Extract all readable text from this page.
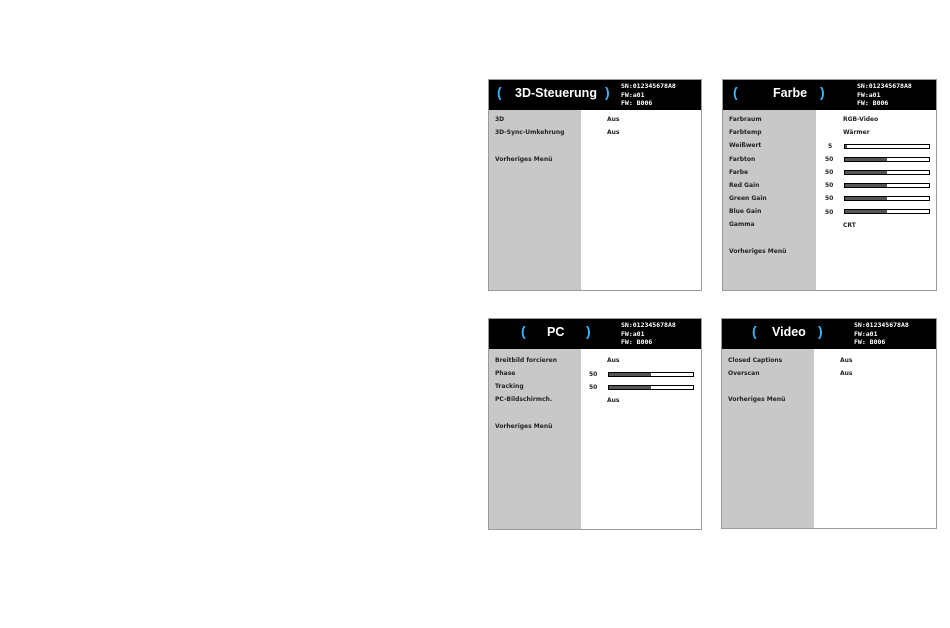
( 3D-Steuerung ) SN:012345678A8
FW:a01
FW: B006
3D	Aus
3D-Sync-Umkehrung	Aus
Vorheriges Menü
(	Farbe )	SN:012345678A8
FW:a01
FW: B006
Farbraum	RGB-Video
Farbtemp	Wärmer
Weißwert	5
Farbton	50
Farbe	50
Red Gain	50
Green Gain	50
Blue Gain	50
Gamma	CRT
Vorheriges Menü
( PC )	SN:012345678A8
FW:a01
FW: B006
Breitbild forcieren	Aus
Phase	50
Tracking	50
PC-Bildschirmch.	Aus
Vorheriges Menü
( Video )	SN:012345678A8
FW:a01
FW: B006
Closed Captions	Aus
Overscan	Aus
Vorheriges Menü
